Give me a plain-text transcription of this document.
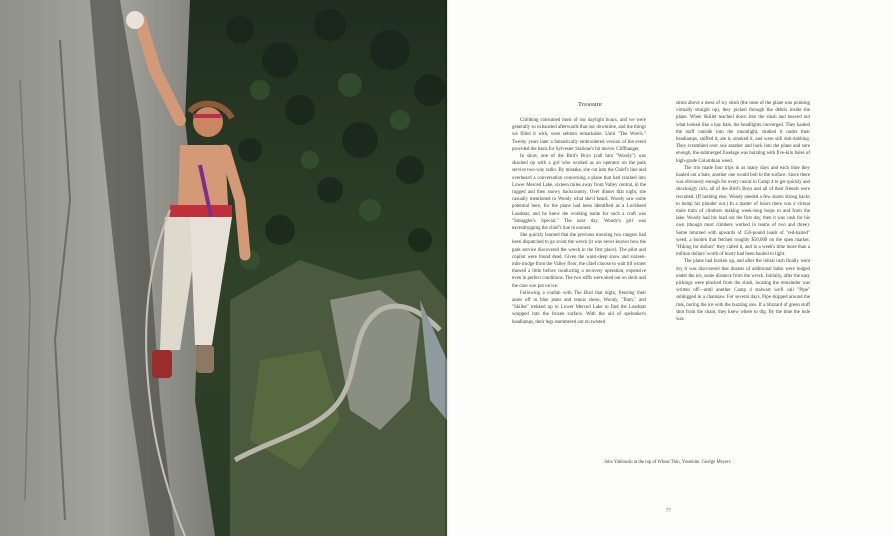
Treasure

Climbing consumed most of our daylight hours, and we were generally so exhausted afterwards that our downtime, and the things we filled it with, were seldom remarkable. Until "The Wreck." Twenty years later a fantastically embroidered version of the event provided the basis for Sylvester Stallone's hit movie, Cliffhanger.

In short, one of the Bird's Boys (call him "Woody") was shacked up with a girl who worked as an operator on the park service two-way radio. By mistake, she cut into the Chief's line and overheard a conversation concerning a plane that had crashed into Lower Merced Lake, sixteen miles away from Valley central, in the rugged and then snowy backcountry. Over dinner that night, she casually mentioned to Woody what she'd heard. Woody saw some potential here, for the plane had been identified as a Lockheed Loadstar, and he knew the working name for such a craft was "Smuggler's Special." The next day, Woody's girl was eavesdropping the chief's line in earnest.

She quickly learned that the previous morning two rangers had been dispatched to go scout the wreck (it was never known how the park service discovered the wreck in the first place). The pilot and copilot were found dead. Given the waist-deep snow and sixteen-mile trudge from the Valley floor, the chief choose to wait till winter thawed a little before conducting a recovery operation, expensive even in perfect conditions. The two stiffs were sked out on sleds and the case was put on ice.

Following a confab with The Bird that night, freezing their asses off in blue jeans and tennis shoes, Woody, "Bum," and "Skillet" trekked up to Lower Merced Lake to find the Loadstar wrapped into the frozen surface. With the aid of spelunker's headlamps, their legs stammered out on twisted

struts above a mess of icy slush (the nose of the plane was pointing virtually straight up), they picked through the debris inside the plane. When Skillet reached down into the slush and heaved out what looked like a hay bale, the headlights converged. They hauled the stuff outside into the moonlight, studied it under their headlamps, sniffed it, ate it, smoked it, and were still dub-dabbing. They scrambled over one another and back into the plane and sure enough, the submerged fuselage was bursting with five-kilo bales of high-grade Colombian weed.

The trio made four trips in as many days and each time they hauled out a bale, another one would bob to the surface. Since there was obviously enough for every rascal in Camp 4 to get quickly and shockingly rich, all of the Bird's Boys and all of their friends were recruited. (If nothing else, Woody needed a few dozen strong backs to hump his plunder out.) In a matter of hours there was a virtual mule train of climbers making week-long loops to and from the lake. Woody had his load out the first day, then it was cash for his own (though most climbers worked in teams of two and three). Some returned with upwards of 150-pound loads of "red-haired" weed, a burden that fetched roughly $50,000 on the open market. "Hiking for dollars" they called it, and in a week's time more than a million dollars' worth of booty had been hauled to light.

The plane had broken up, and after the initial rush finally went dry it was discovered that dozens of additional bales were lodged under the ice, some distance from the wreck. Initially, after the easy pickings were plucked from the slush, locating the remainder was written off—until another Camp 4 stalwart we'll call "Pipe" subbigged in a chainsaw. For several days, Pipe skipped around the rink, boring the ice with the buzzing saw. If a blizzard of green stuff shot from the chain, they knew where to dig. By the time the lode was

John Yablonski at the top of Wheat Thin, Yosemite. George Meyers
77
